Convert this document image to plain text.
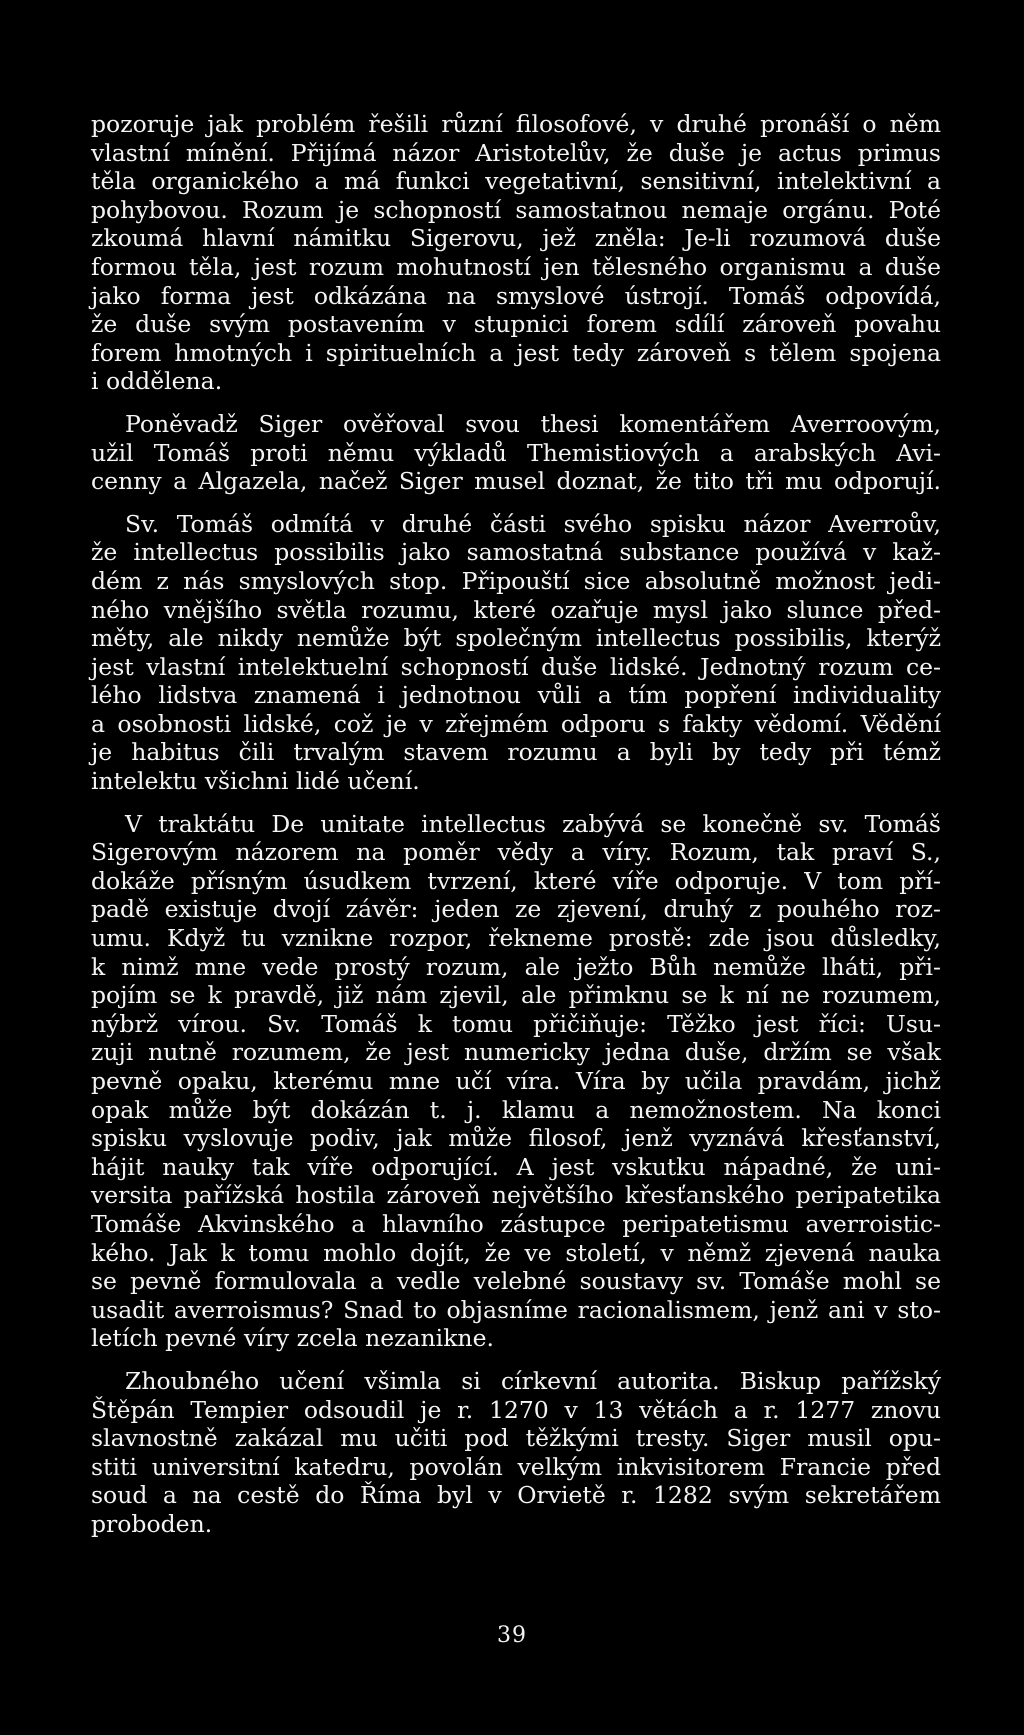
pozoruje jak problém řešili různí filosofové, v druhé pronáší o něm
vlastní mínění. Přijímá názor Aristotelův, že duše je actus primus
těla organického a má funkci vegetativní, sensitivní, intelektivní a
pohybovou. Rozum je schopností samostatnou nemaje orgánu. Poté
zkoumá hlavní námitku Sigerovu, jež zněla: Je-li rozumová duše
formou těla, jest rozum mohutností jen tělesného organismu a duše
jako forma jest odkázána na smyslové ústrojí. Tomáš odpovídá,
že duše svým postavením v stupnici forem sdílí zároveň povahu
forem hmotných i spirituelních a jest tedy zároveň s tělem spojena
i oddělena.
Poněvadž Siger ověřoval svou thesi komentářem Averroovým,
užil Tomáš proti němu výkladů Themistiových a arabských Avi-
cenny a Algazela, načež Siger musel doznat, že tito tři mu odporují.
Sv. Tomáš odmítá v druhé části svého spisku názor Averroův,
že intellectus possibilis jako samostatná substance používá v kaž-
dém z nás smyslových stop. Připouští sice absolutně možnost jedi-
ného vnějšího světla rozumu, které ozařuje mysl jako slunce před-
měty, ale nikdy nemůže být společným intellectus possibilis, kterýž
jest vlastní intelektuelní schopností duše lidské. Jednotný rozum ce-
lého lidstva znamená i jednotnou vůli a tím popření individuality
a osobnosti lidské, což je v zřejmém odporu s fakty vědomí. Vědění
je habitus čili trvalým stavem rozumu a byli by tedy při témž
intelektu všichni lidé učení.
V traktátu De unitate intellectus zabývá se konečně sv. Tomáš
Sigerovým názorem na poměr vědy a víry. Rozum, tak praví S.,
dokáže přísným úsudkem tvrzení, které víře odporuje. V tom pří-
padě existuje dvojí závěr: jeden ze zjevení, druhý z pouhého roz-
umu. Když tu vznikne rozpor, řekneme prostě: zde jsou důsledky,
k nimž mne vede prostý rozum, ale ježto Bůh nemůže lháti, při-
pojím se k pravdě, již nám zjevil, ale přimknu se k ní ne rozumem,
nýbrž vírou. Sv. Tomáš k tomu přičiňuje: Těžko jest říci: Usu-
zuji nutně rozumem, že jest numericky jedna duše, držím se však
pevně opaku, kterému mne učí víra. Víra by učila pravdám, jichž
opak může být dokázán t. j. klamu a nemožnostem. Na konci
spisku vyslovuje podiv, jak může filosof, jenž vyznává křesťanství,
hájit nauky tak víře odporující. A jest vskutku nápadné, že uni-
versita pařížská hostila zároveň největšího křesťanského peripatetika
Tomáše Akvinského a hlavního zástupce peripatetismu averroistic-
kého. Jak k tomu mohlo dojít, že ve století, v němž zjevená nauka
se pevně formulovala a vedle velebné soustavy sv. Tomáše mohl se
usadit averroismus? Snad to objasníme racionalismem, jenž ani v sto-
letích pevné víry zcela nezanikne.
Zhoubného učení všimla si církevní autorita. Biskup pařížský
Štěpán Tempier odsoudil je r. 1270 v 13 větách a r. 1277 znovu
slavnostně zakázal mu učiti pod těžkými tresty. Siger musil opu-
stiti universitní katedru, povolán velkým inkvisitorem Francie před
soud a na cestě do Říma byl v Orvietě r. 1282 svým sekretářem
proboden.
39
